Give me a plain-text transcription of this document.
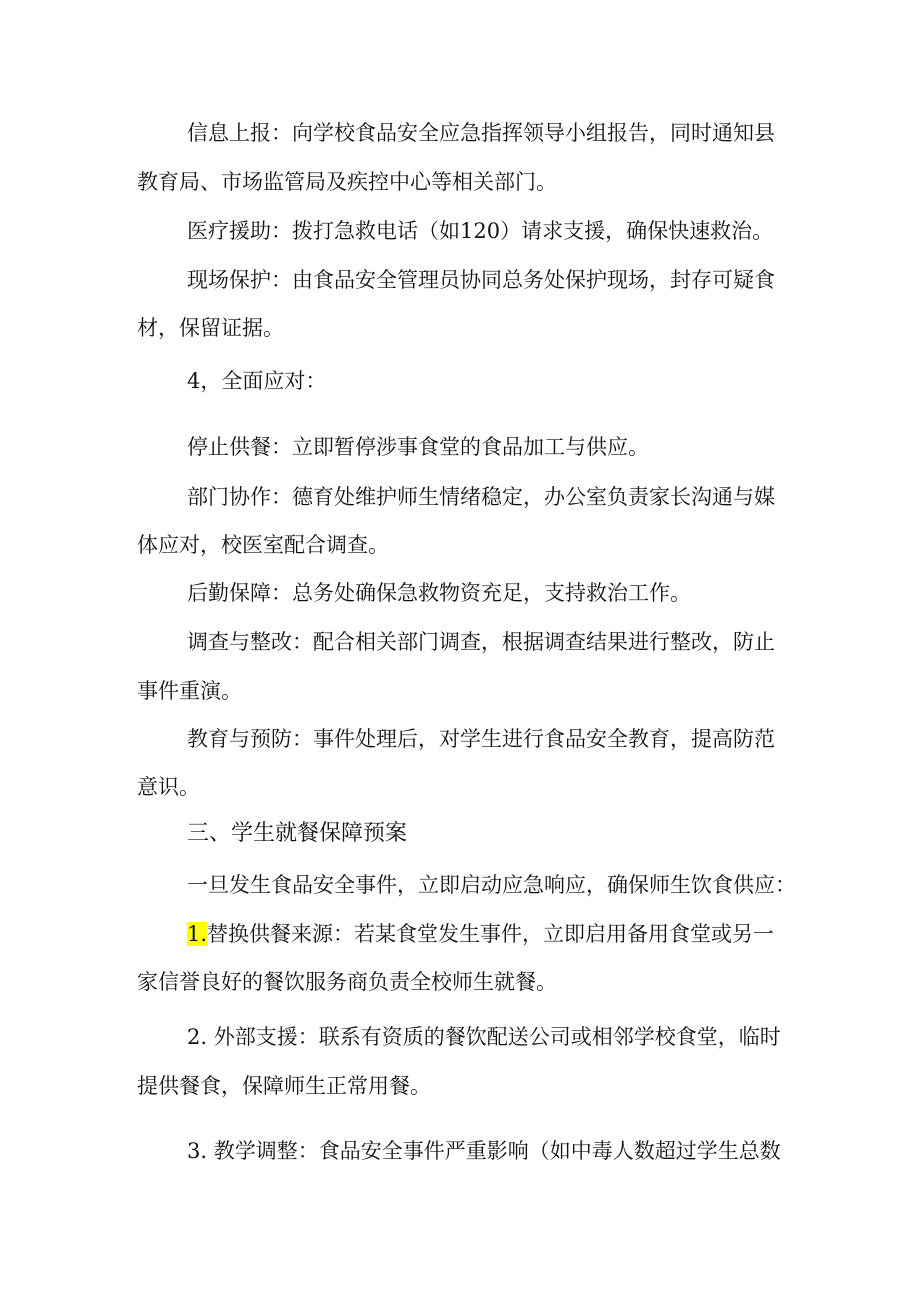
信息上报：向学校食品安全应急指挥领导小组报告，同时通知县
教育局、市场监管局及疾控中心等相关部门。
医疗援助：拨打急救电话（如120）请求支援，确保快速救治。
现场保护：由食品安全管理员协同总务处保护现场，封存可疑食
材，保留证据。
4，全面应对：
停止供餐：立即暂停涉事食堂的食品加工与供应。
部门协作：德育处维护师生情绪稳定，办公室负责家长沟通与媒
体应对，校医室配合调查。
后勤保障：总务处确保急救物资充足，支持救治工作。
调查与整改：配合相关部门调查，根据调查结果进行整改，防止
事件重演。
教育与预防：事件处理后，对学生进行食品安全教育，提高防范
意识。
三、学生就餐保障预案
一旦发生食品安全事件，立即启动应急响应，确保师生饮食供应：
1.替换供餐来源：若某食堂发生事件，立即启用备用食堂或另一
家信誉良好的餐饮服务商负责全校师生就餐。
2. 外部支援：联系有资质的餐饮配送公司或相邻学校食堂，临时
提供餐食，保障师生正常用餐。
3. 教学调整：食品安全事件严重影响（如中毒人数超过学生总数
